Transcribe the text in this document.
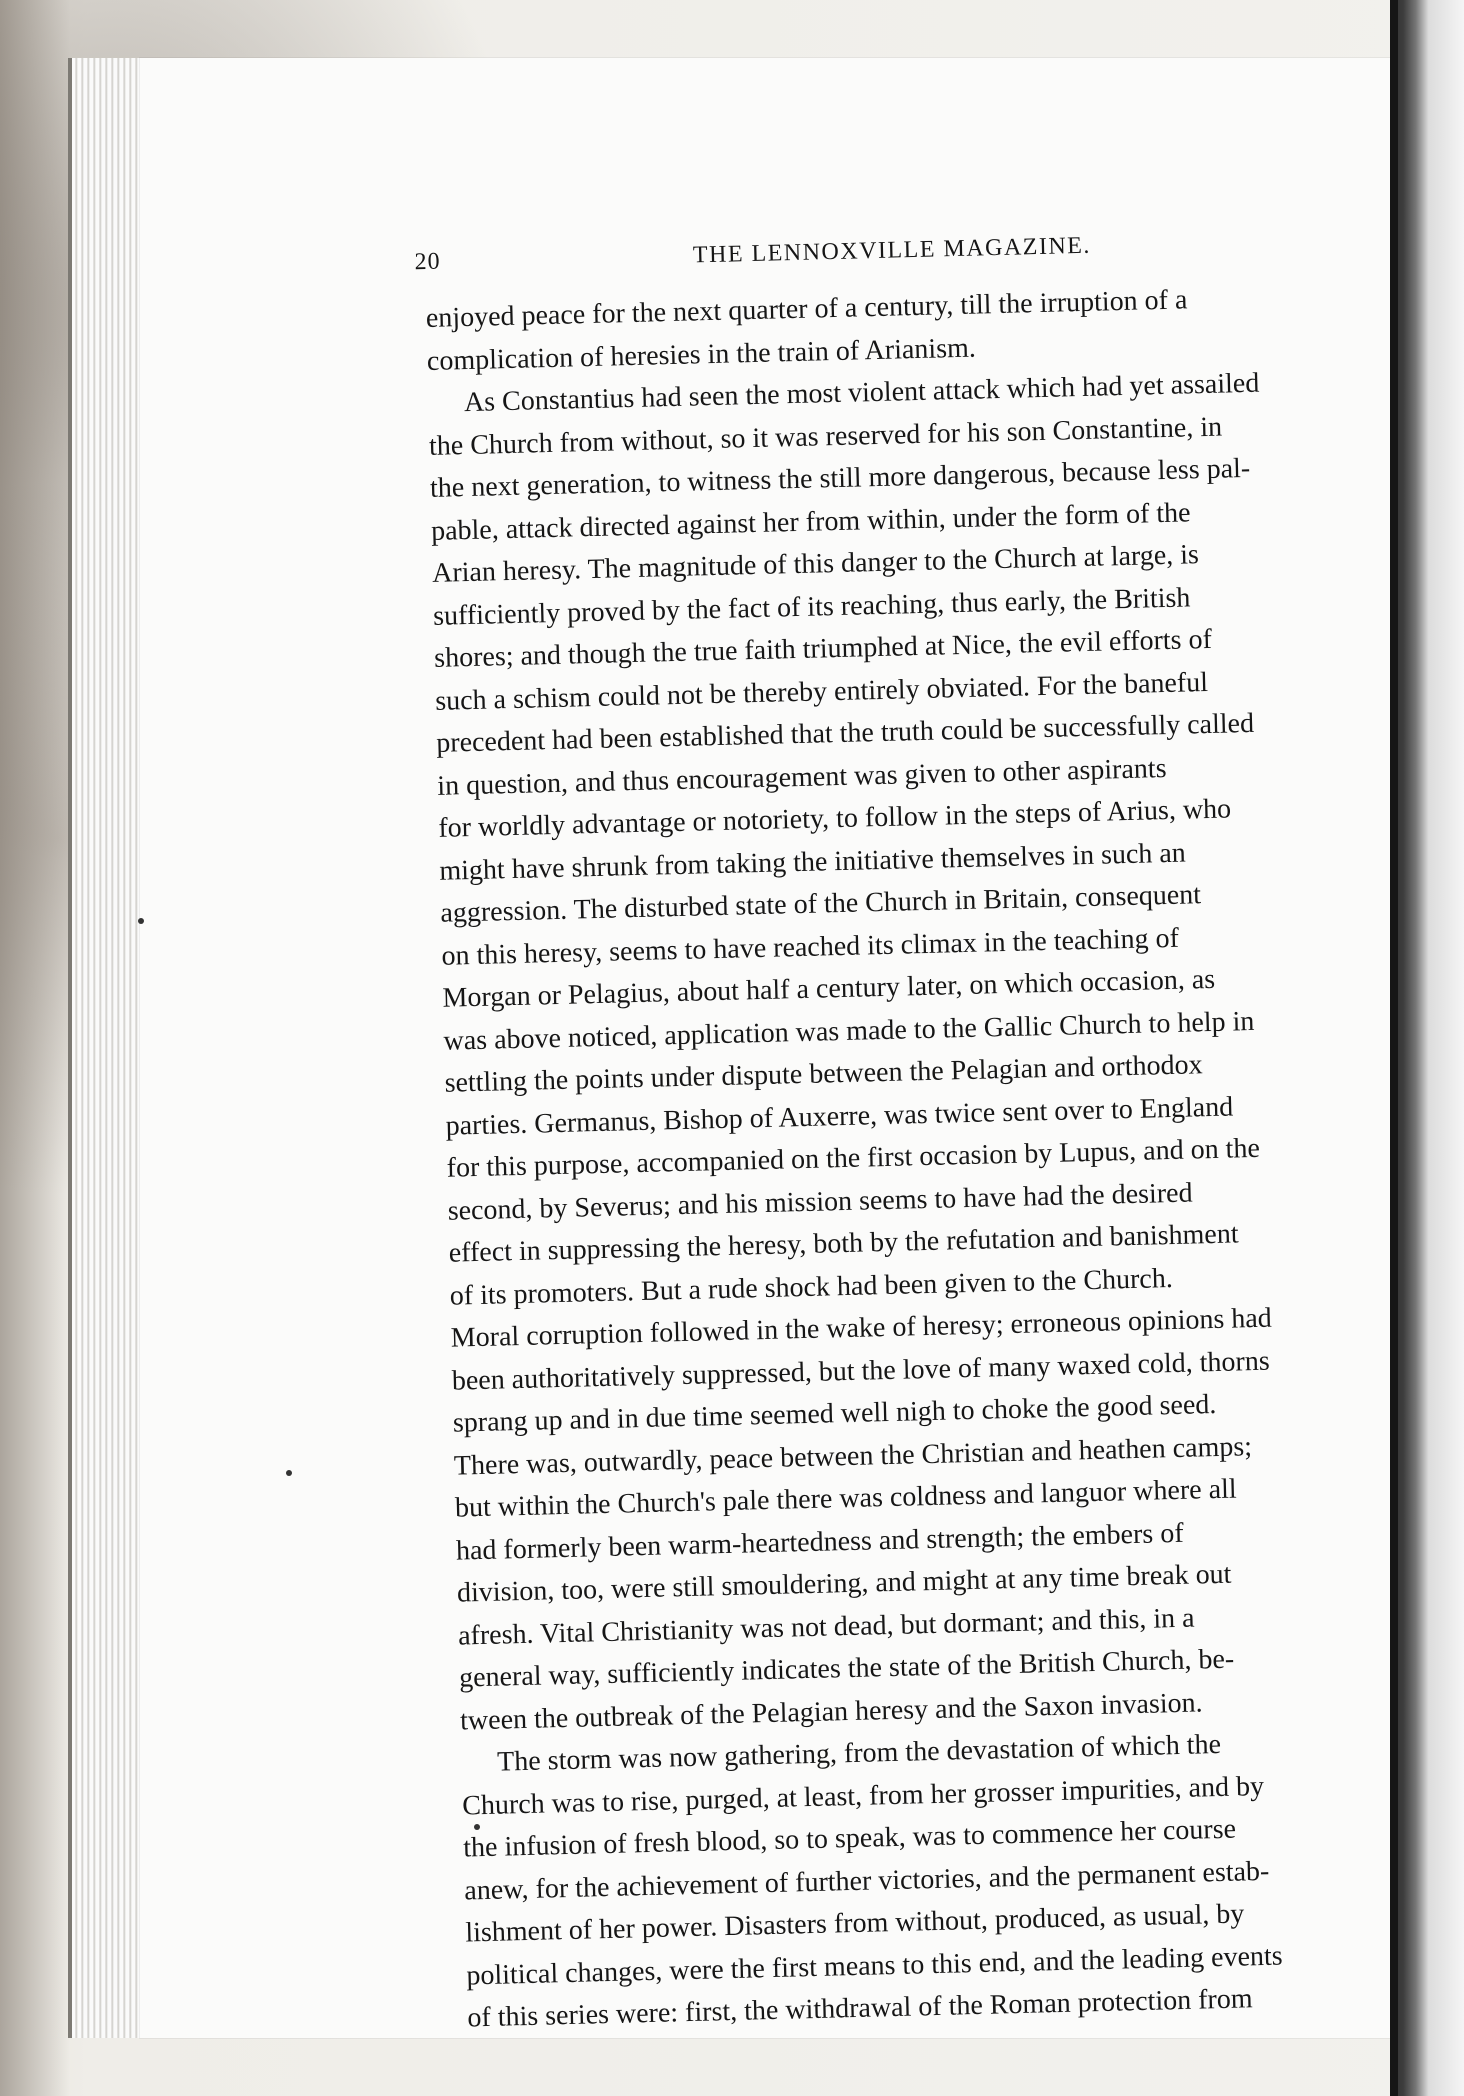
20	THE LENNOXVILLE MAGAZINE.
enjoyed peace for the next quarter of a century, till the irruption of a
complication of heresies in the train of Arianism.
As Constantius had seen the most violent attack which had yet assailed
the Church from without, so it was reserved for his son Constantine, in
the next generation, to witness the still more dangerous, because less pal-
pable, attack directed against her from within, under the form of the
Arian heresy. The magnitude of this danger to the Church at large, is
sufficiently proved by the fact of its reaching, thus early, the British
shores; and though the true faith triumphed at Nice, the evil efforts of
such a schism could not be thereby entirely obviated. For the baneful
precedent had been established that the truth could be successfully called
in question, and thus encouragement was given to other aspirants
for worldly advantage or notoriety, to follow in the steps of Arius, who
might have shrunk from taking the initiative themselves in such an
aggression. The disturbed state of the Church in Britain, consequent
on this heresy, seems to have reached its climax in the teaching of
Morgan or Pelagius, about half a century later, on which occasion, as
was above noticed, application was made to the Gallic Church to help in
settling the points under dispute between the Pelagian and orthodox
parties. Germanus, Bishop of Auxerre, was twice sent over to England
for this purpose, accompanied on the first occasion by Lupus, and on the
second, by Severus; and his mission seems to have had the desired
effect in suppressing the heresy, both by the refutation and banishment
of its promoters. But a rude shock had been given to the Church.
Moral corruption followed in the wake of heresy; erroneous opinions had
been authoritatively suppressed, but the love of many waxed cold, thorns
sprang up and in due time seemed well nigh to choke the good seed.
There was, outwardly, peace between the Christian and heathen camps;
but within the Church's pale there was coldness and languor where all
had formerly been warm-heartedness and strength; the embers of
division, too, were still smouldering, and might at any time break out
afresh. Vital Christianity was not dead, but dormant; and this, in a
general way, sufficiently indicates the state of the British Church, be-
tween the outbreak of the Pelagian heresy and the Saxon invasion.
The storm was now gathering, from the devastation of which the
Church was to rise, purged, at least, from her grosser impurities, and by
the infusion of fresh blood, so to speak, was to commence her course
anew, for the achievement of further victories, and the permanent estab-
lishment of her power. Disasters from without, produced, as usual, by
political changes, were the first means to this end, and the leading events
of this series were: first, the withdrawal of the Roman protection from
